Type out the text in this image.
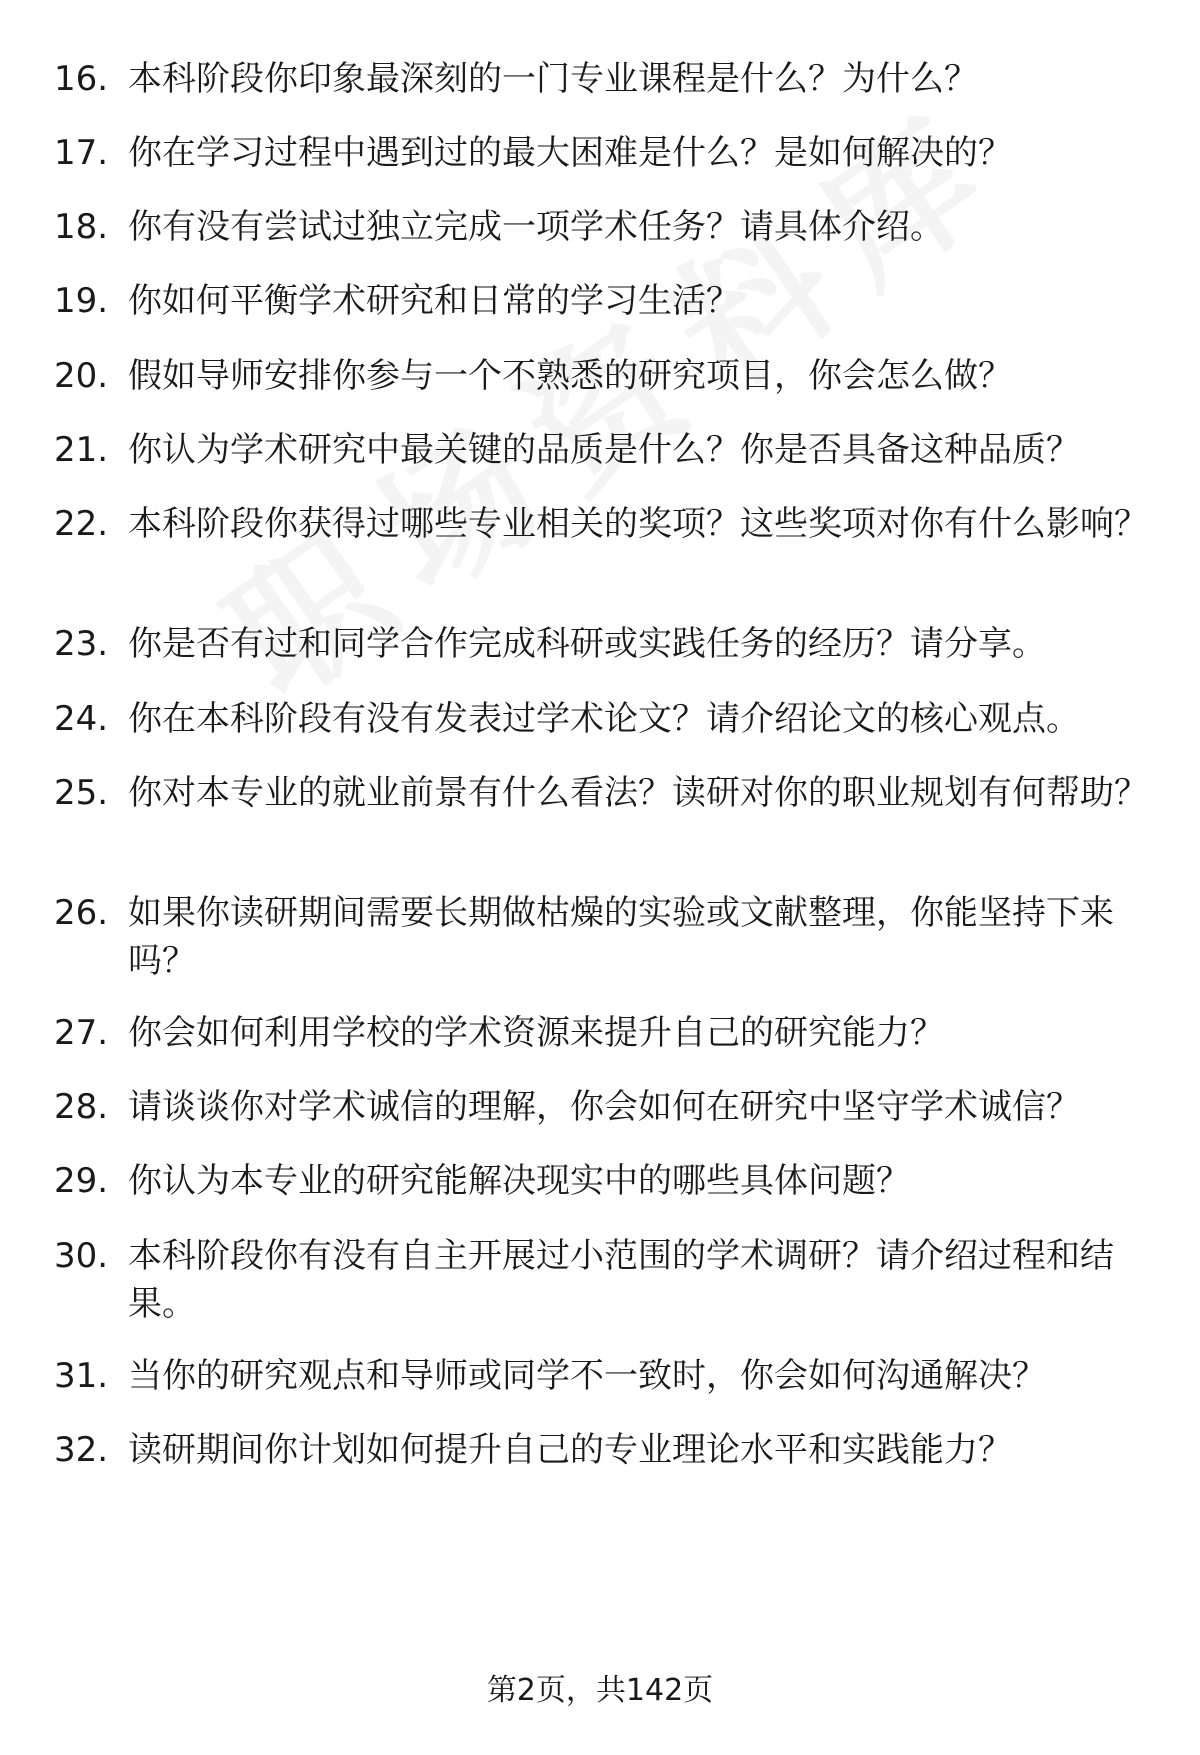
16. 本科阶段你印象最深刻的一门专业课程是什么？为什么？
17. 你在学习过程中遇到过的最大困难是什么？是如何解决的？
18. 你有没有尝试过独立完成一项学术任务？请具体介绍。
19. 你如何平衡学术研究和日常的学习生活？
20. 假如导师安排你参与一个不熟悉的研究项目，你会怎么做？
21. 你认为学术研究中最关键的品质是什么？你是否具备这种品质？
22. 本科阶段你获得过哪些专业相关的奖项？这些奖项对你有什么影响？
23. 你是否有过和同学合作完成科研或实践任务的经历？请分享。
24. 你在本科阶段有没有发表过学术论文？请介绍论文的核心观点。
25. 你对本专业的就业前景有什么看法？读研对你的职业规划有何帮助？
26. 如果你读研期间需要长期做枯燥的实验或文献整理，你能坚持下来吗？
27. 你会如何利用学校的学术资源来提升自己的研究能力？
28. 请谈谈你对学术诚信的理解，你会如何在研究中坚守学术诚信？
29. 你认为本专业的研究能解决现实中的哪些具体问题？
30. 本科阶段你有没有自主开展过小范围的学术调研？请介绍过程和结果。
31. 当你的研究观点和导师或同学不一致时，你会如何沟通解决？
32. 读研期间你计划如何提升自己的专业理论水平和实践能力？
第2页，共142页
